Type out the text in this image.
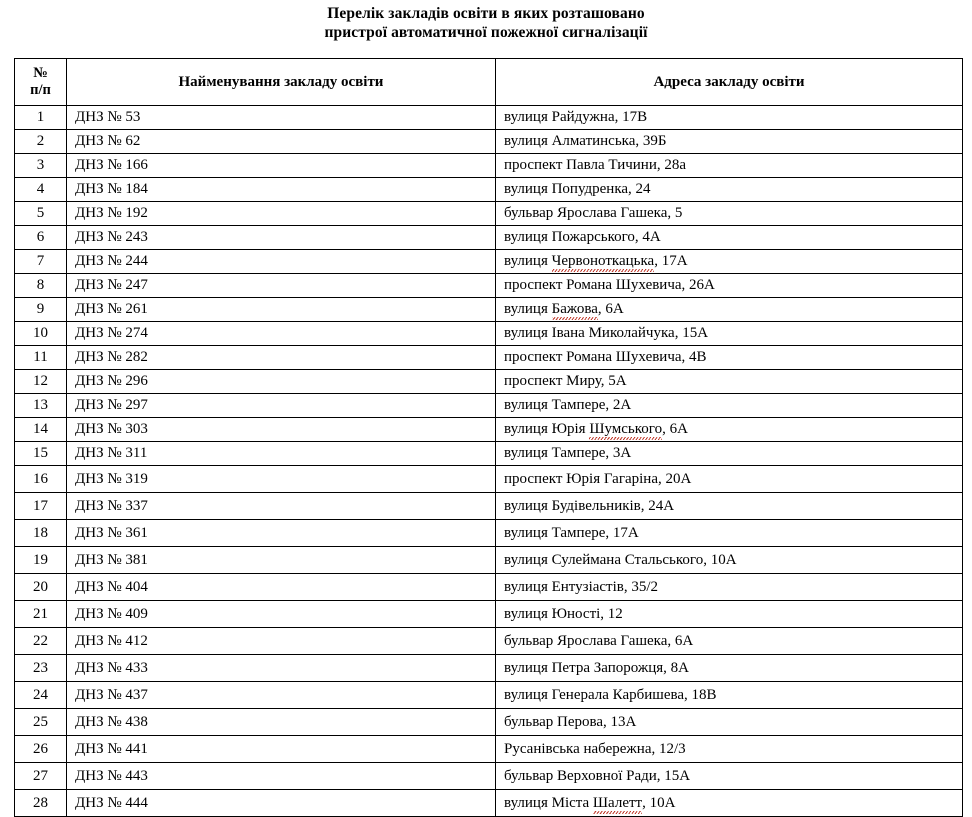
Перелік закладів освіти в яких розташовано
пристрої автоматичної пожежної сигналізації
№
п/п	Найменування закладу освіти	Адреса закладу освіти
1	ДНЗ № 53	вулиця Райдужна, 17В
2	ДНЗ № 62	вулиця Алматинська, 39Б
3	ДНЗ № 166	проспект Павла Тичини, 28а
4	ДНЗ № 184	вулиця Попудренка, 24
5	ДНЗ № 192	бульвар Ярослава Гашека, 5
6	ДНЗ № 243	вулиця Пожарського, 4А
7	ДНЗ № 244	вулиця Червоноткацька, 17А
8	ДНЗ № 247	проспект Романа Шухевича, 26А
9	ДНЗ № 261	вулиця Бажова, 6А
10	ДНЗ № 274	вулиця Івана Миколайчука, 15А
11	ДНЗ № 282	проспект Романа Шухевича, 4В
12	ДНЗ № 296	проспект Миру, 5А
13	ДНЗ № 297	вулиця Тампере, 2А
14	ДНЗ № 303	вулиця Юрія Шумського, 6А
15	ДНЗ № 311	вулиця Тампере, 3А
16	ДНЗ № 319	проспект Юрія Гагаріна, 20А
17	ДНЗ № 337	вулиця Будівельників, 24А
18	ДНЗ № 361	вулиця Тампере, 17А
19	ДНЗ № 381	вулиця Сулеймана Стальського, 10А
20	ДНЗ № 404	вулиця Ентузіастів, 35/2
21	ДНЗ № 409	вулиця Юності, 12
22	ДНЗ № 412	бульвар Ярослава Гашека, 6А
23	ДНЗ № 433	вулиця Петра Запорожця, 8А
24	ДНЗ № 437	вулиця Генерала Карбишева, 18В
25	ДНЗ № 438	бульвар Перова, 13А
26	ДНЗ № 441	Русанівська набережна, 12/3
27	ДНЗ № 443	бульвар Верховної Ради, 15А
28	ДНЗ № 444	вулиця Міста Шалетт, 10А
